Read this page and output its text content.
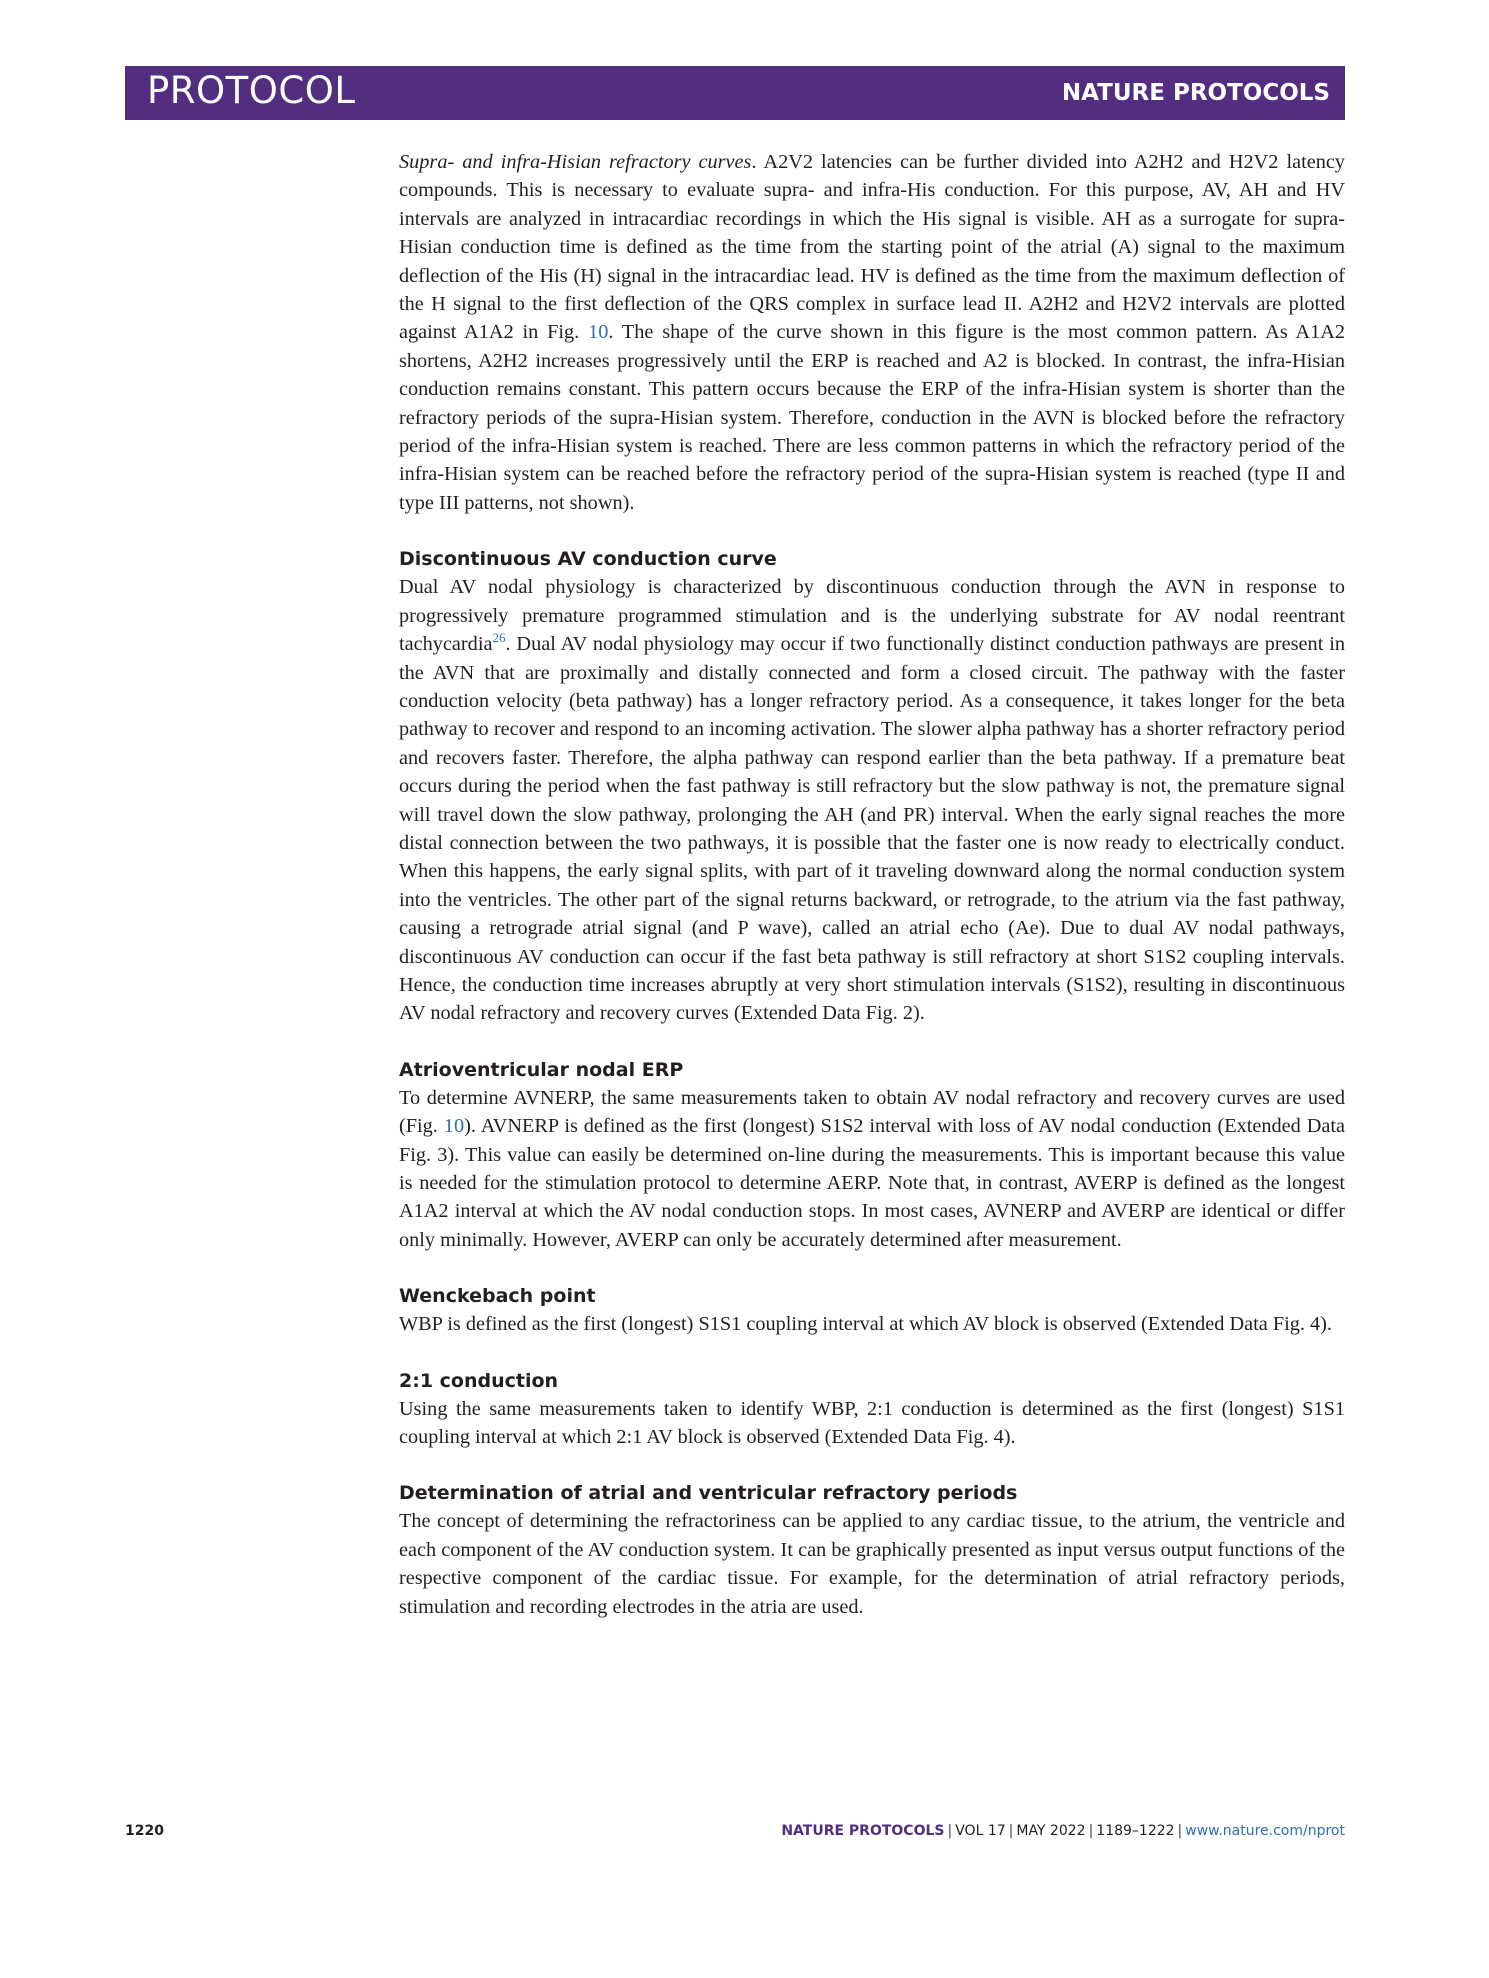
PROTOCOL	NATURE PROTOCOLS

Supra- and infra-Hisian refractory curves. A2V2 latencies can be further divided into A2H2 and H2V2 latency compounds. This is necessary to evaluate supra- and infra-His conduction. For this purpose, AV, AH and HV intervals are analyzed in intracardiac recordings in which the His signal is visible. AH as a surrogate for supra-Hisian conduction time is defined as the time from the starting point of the atrial (A) signal to the maximum deflection of the His (H) signal in the intracardiac lead. HV is defined as the time from the maximum deflection of the H signal to the first deflection of the QRS complex in surface lead II. A2H2 and H2V2 intervals are plotted against A1A2 in Fig. 10. The shape of the curve shown in this figure is the most common pattern. As A1A2 shortens, A2H2 increases progressively until the ERP is reached and A2 is blocked. In contrast, the infra-Hisian conduction remains constant. This pattern occurs because the ERP of the infra-Hisian system is shorter than the refractory periods of the supra-Hisian system. Therefore, conduction in the AVN is blocked before the refractory period of the infra-Hisian system is reached. There are less common patterns in which the refractory period of the infra-Hisian system can be reached before the refractory period of the supra-Hisian system is reached (type II and type III patterns, not shown).

Discontinuous AV conduction curve

Dual AV nodal physiology is characterized by discontinuous conduction through the AVN in response to progressively premature programmed stimulation and is the underlying substrate for AV nodal reentrant tachycardia$^{26}$. Dual AV nodal physiology may occur if two functionally distinct conduction pathways are present in the AVN that are proximally and distally connected and form a closed circuit. The pathway with the faster conduction velocity (beta pathway) has a longer refractory period. As a consequence, it takes longer for the beta pathway to recover and respond to an incoming activation. The slower alpha pathway has a shorter refractory period and recovers faster. Therefore, the alpha pathway can respond earlier than the beta pathway. If a premature beat occurs during the period when the fast pathway is still refractory but the slow pathway is not, the premature signal will travel down the slow pathway, prolonging the AH (and PR) interval. When the early signal reaches the more distal connection between the two pathways, it is possible that the faster one is now ready to electrically conduct. When this happens, the early signal splits, with part of it traveling downward along the normal conduction system into the ventricles. The other part of the signal returns backward, or retrograde, to the atrium via the fast pathway, causing a retrograde atrial signal (and P wave), called an atrial echo (Ae). Due to dual AV nodal pathways, discontinuous AV conduction can occur if the fast beta pathway is still refractory at short S1S2 coupling intervals. Hence, the conduction time increases abruptly at very short stimulation intervals (S1S2), resulting in discontinuous AV nodal refractory and recovery curves (Extended Data Fig. 2).

Atrioventricular nodal ERP

To determine AVNERP, the same measurements taken to obtain AV nodal refractory and recovery curves are used (Fig. 10). AVNERP is defined as the first (longest) S1S2 interval with loss of AV nodal conduction (Extended Data Fig. 3). This value can easily be determined on-line during the measurements. This is important because this value is needed for the stimulation protocol to determine AERP. Note that, in contrast, AVERP is defined as the longest A1A2 interval at which the AV nodal conduction stops. In most cases, AVNERP and AVERP are identical or differ only minimally. However, AVERP can only be accurately determined after measurement.

Wenckebach point

WBP is defined as the first (longest) S1S1 coupling interval at which AV block is observed (Extended Data Fig. 4).

2:1 conduction

Using the same measurements taken to identify WBP, 2:1 conduction is determined as the first (longest) S1S1 coupling interval at which 2:1 AV block is observed (Extended Data Fig. 4).

Determination of atrial and ventricular refractory periods

The concept of determining the refractoriness can be applied to any cardiac tissue, to the atrium, the ventricle and each component of the AV conduction system. It can be graphically presented as input versus output functions of the respective component of the cardiac tissue. For example, for the determination of atrial refractory periods, stimulation and recording electrodes in the atria are used.

1220	NATURE PROTOCOLS | VOL 17 | MAY 2022 | 1189–1222 | www.nature.com/nprot
